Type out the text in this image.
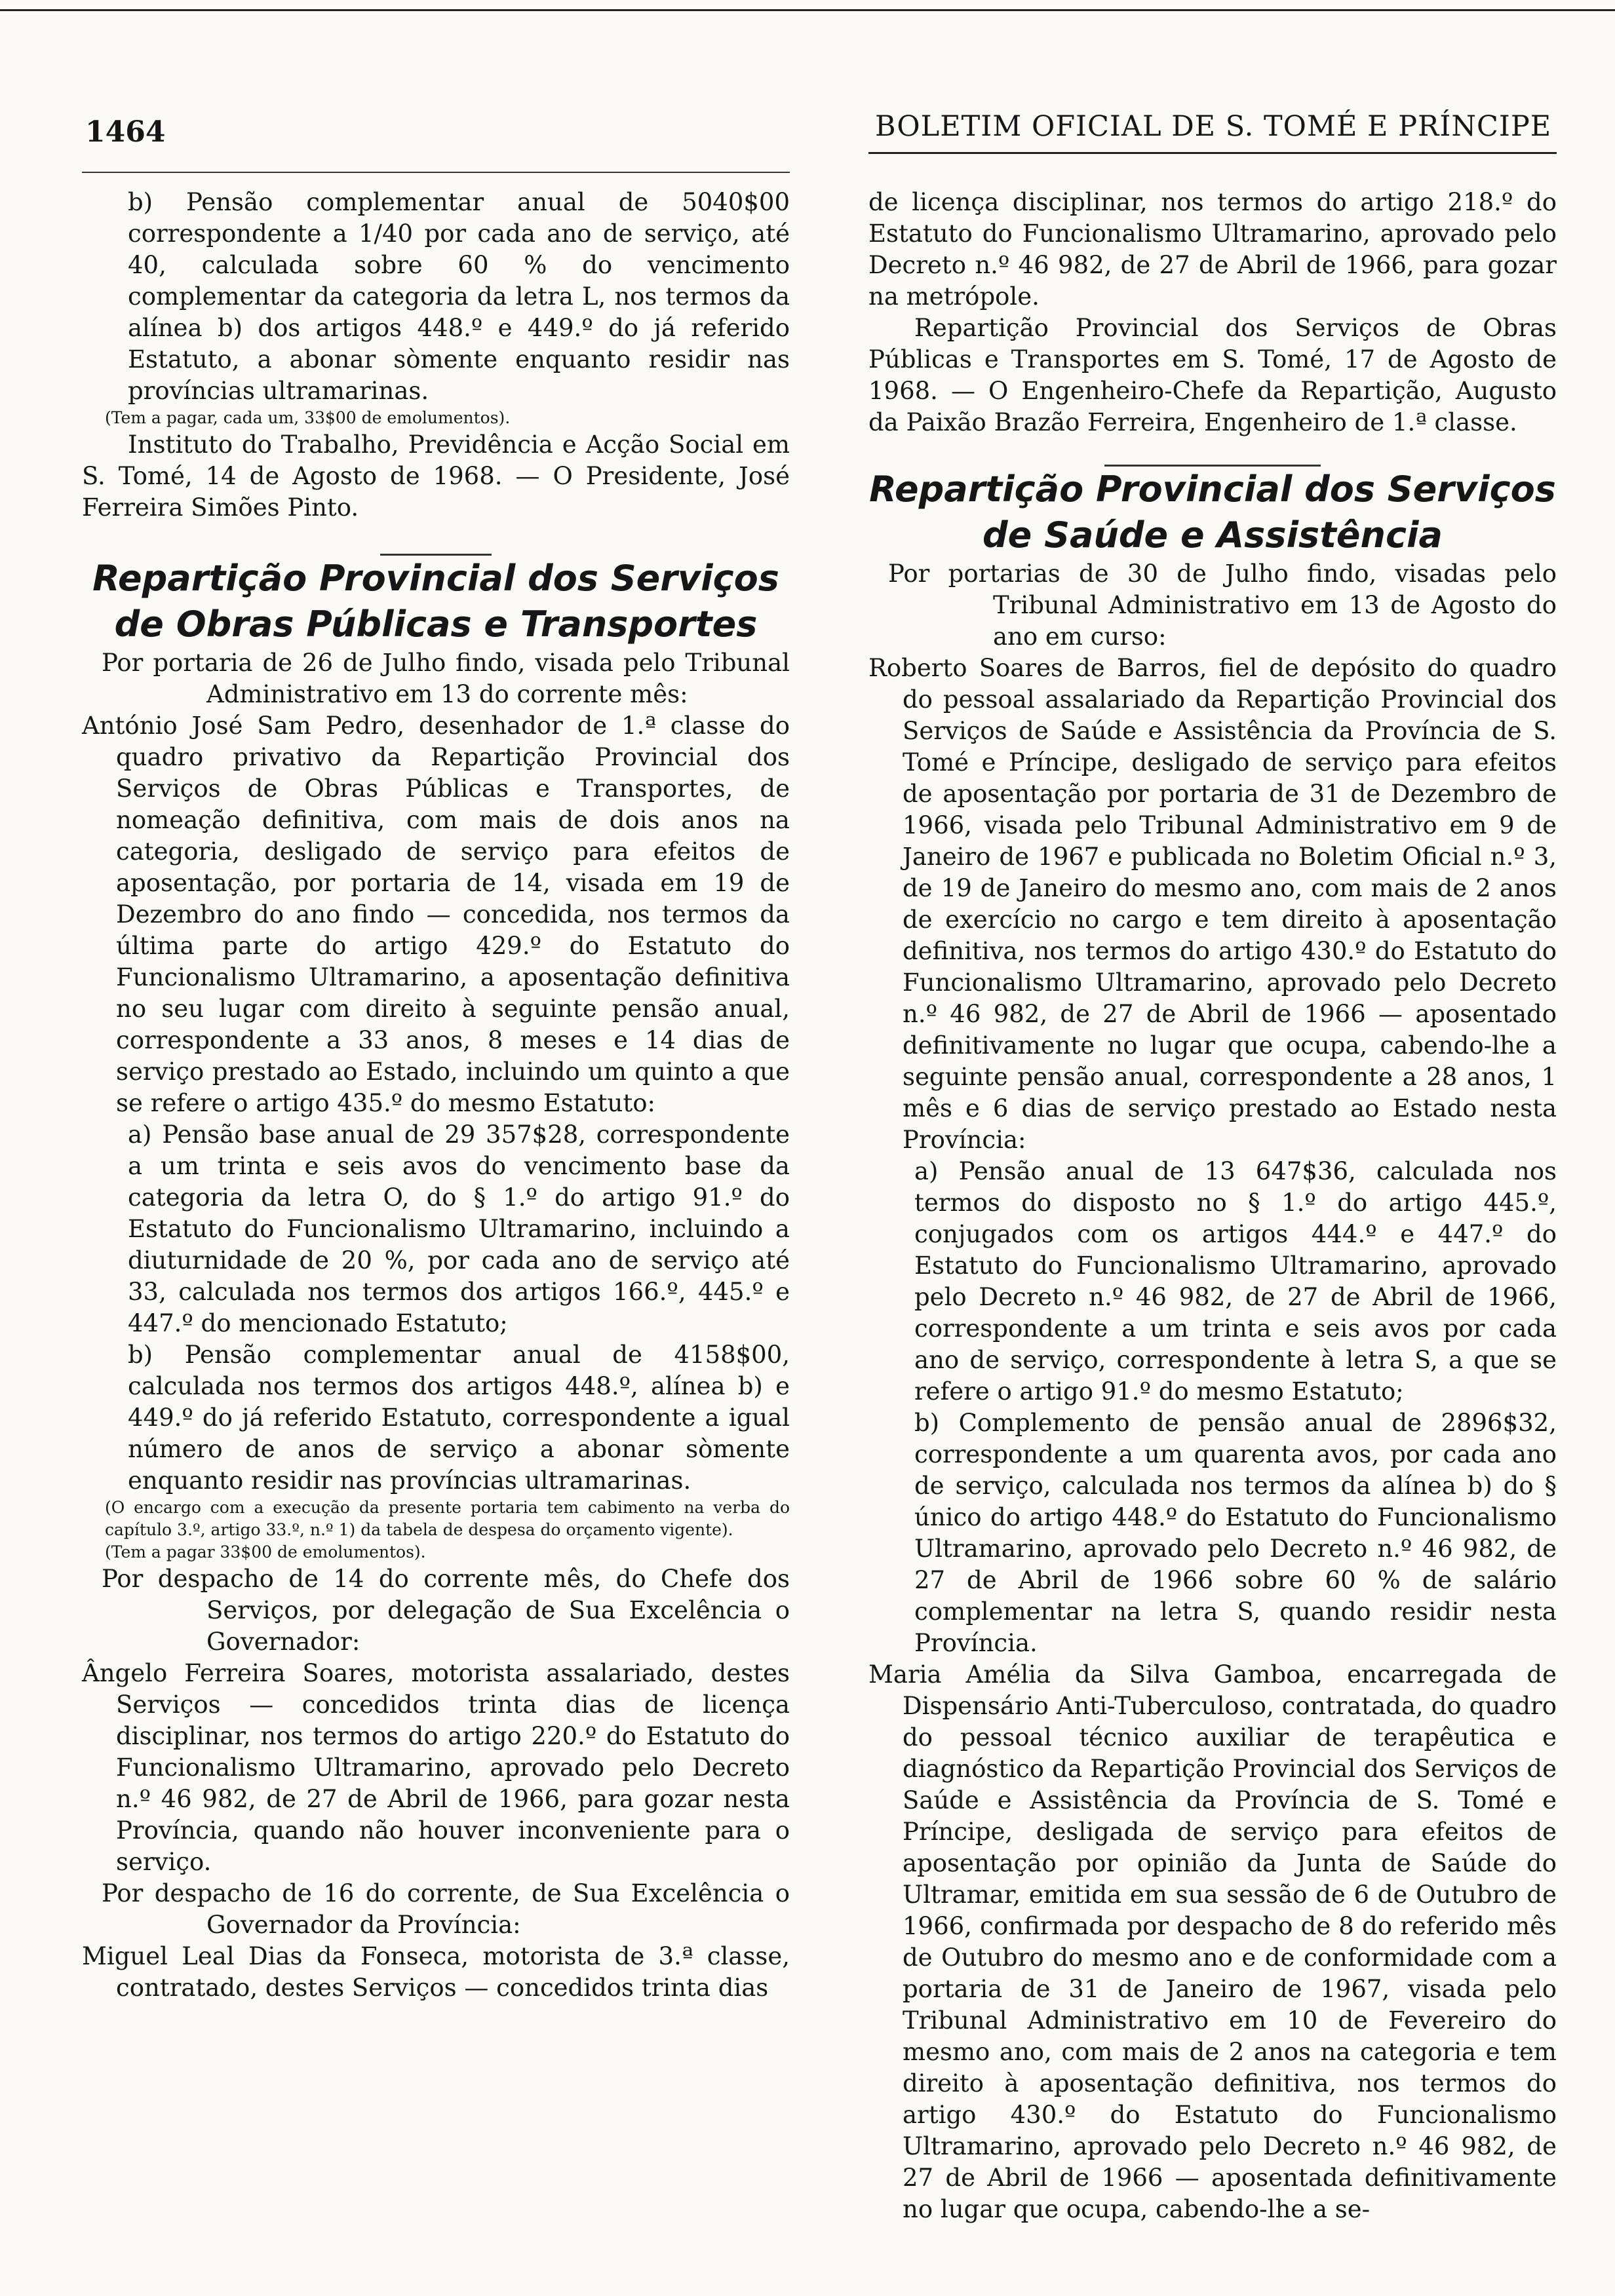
1464	BOLETIM OFICIAL DE S. TOMÉ E PRÍNCIPE

b) Pensão complementar anual de 5040$00 correspondente a 1/40 por cada ano de serviço, até 40, calculada sobre 60 % do vencimento complementar da categoria da letra L, nos termos da alínea b) dos artigos 448.º e 449.º do já referido Estatuto, a abonar sòmente enquanto residir nas províncias ultramarinas.

(Tem a pagar, cada um, 33$00 de emolumentos).

Instituto do Trabalho, Previdência e Acção Social em S. Tomé, 14 de Agosto de 1968. — O Presidente, José Ferreira Simões Pinto.

Repartição Provincial dos Serviços de Obras Públicas e Transportes

Por portaria de 26 de Julho findo, visada pelo Tribunal Administrativo em 13 do corrente mês:

António José Sam Pedro, desenhador de 1.ª classe do quadro privativo da Repartição Provincial dos Serviços de Obras Públicas e Transportes, de nomeação definitiva, com mais de dois anos na categoria, desligado de serviço para efeitos de aposentação, por portaria de 14, visada em 19 de Dezembro do ano findo — concedida, nos termos da última parte do artigo 429.º do Estatuto do Funcionalismo Ultramarino, a aposentação definitiva no seu lugar com direito à seguinte pensão anual, correspondente a 33 anos, 8 meses e 14 dias de serviço prestado ao Estado, incluindo um quinto a que se refere o artigo 435.º do mesmo Estatuto:

a) Pensão base anual de 29 357$28, correspondente a um trinta e seis avos do vencimento base da categoria da letra O, do § 1.º do artigo 91.º do Estatuto do Funcionalismo Ultramarino, incluindo a diuturnidade de 20 %, por cada ano de serviço até 33, calculada nos termos dos artigos 166.º, 445.º e 447.º do mencionado Estatuto;

b) Pensão complementar anual de 4158$00, calculada nos termos dos artigos 448.º, alínea b) e 449.º do já referido Estatuto, correspondente a igual número de anos de serviço a abonar sòmente enquanto residir nas províncias ultramarinas.

(O encargo com a execução da presente portaria tem cabimento na verba do capítulo 3.º, artigo 33.º, n.º 1) da tabela de despesa do orçamento vigente).

(Tem a pagar 33$00 de emolumentos).

Por despacho de 14 do corrente mês, do Chefe dos Serviços, por delegação de Sua Excelência o Governador:

Ângelo Ferreira Soares, motorista assalariado, destes Serviços — concedidos trinta dias de licença disciplinar, nos termos do artigo 220.º do Estatuto do Funcionalismo Ultramarino, aprovado pelo Decreto n.º 46 982, de 27 de Abril de 1966, para gozar nesta Província, quando não houver inconveniente para o serviço.

Por despacho de 16 do corrente, de Sua Excelência o Governador da Província:

Miguel Leal Dias da Fonseca, motorista de 3.ª classe, contratado, destes Serviços — concedidos trinta dias

de licença disciplinar, nos termos do artigo 218.º do Estatuto do Funcionalismo Ultramarino, aprovado pelo Decreto n.º 46 982, de 27 de Abril de 1966, para gozar na metrópole.

Repartição Provincial dos Serviços de Obras Públicas e Transportes em S. Tomé, 17 de Agosto de 1968. — O Engenheiro-Chefe da Repartição, Augusto da Paixão Brazão Ferreira, Engenheiro de 1.ª classe.

Repartição Provincial dos Serviços de Saúde e Assistência

Por portarias de 30 de Julho findo, visadas pelo Tribunal Administrativo em 13 de Agosto do ano em curso:

Roberto Soares de Barros, fiel de depósito do quadro do pessoal assalariado da Repartição Provincial dos Serviços de Saúde e Assistência da Província de S. Tomé e Príncipe, desligado de serviço para efeitos de aposentação por portaria de 31 de Dezembro de 1966, visada pelo Tribunal Administrativo em 9 de Janeiro de 1967 e publicada no Boletim Oficial n.º 3, de 19 de Janeiro do mesmo ano, com mais de 2 anos de exercício no cargo e tem direito à aposentação definitiva, nos termos do artigo 430.º do Estatuto do Funcionalismo Ultramarino, aprovado pelo Decreto n.º 46 982, de 27 de Abril de 1966 — aposentado definitivamente no lugar que ocupa, cabendo-lhe a seguinte pensão anual, correspondente a 28 anos, 1 mês e 6 dias de serviço prestado ao Estado nesta Província:

a) Pensão anual de 13 647$36, calculada nos termos do disposto no § 1.º do artigo 445.º, conjugados com os artigos 444.º e 447.º do Estatuto do Funcionalismo Ultramarino, aprovado pelo Decreto n.º 46 982, de 27 de Abril de 1966, correspondente a um trinta e seis avos por cada ano de serviço, correspondente à letra S, a que se refere o artigo 91.º do mesmo Estatuto;

b) Complemento de pensão anual de 2896$32, correspondente a um quarenta avos, por cada ano de serviço, calculada nos termos da alínea b) do § único do artigo 448.º do Estatuto do Funcionalismo Ultramarino, aprovado pelo Decreto n.º 46 982, de 27 de Abril de 1966 sobre 60 % de salário complementar na letra S, quando residir nesta Província.

Maria Amélia da Silva Gamboa, encarregada de Dispensário Anti-Tuberculoso, contratada, do quadro do pessoal técnico auxiliar de terapêutica e diagnóstico da Repartição Provincial dos Serviços de Saúde e Assistência da Província de S. Tomé e Príncipe, desligada de serviço para efeitos de aposentação por opinião da Junta de Saúde do Ultramar, emitida em sua sessão de 6 de Outubro de 1966, confirmada por despacho de 8 do referido mês de Outubro do mesmo ano e de conformidade com a portaria de 31 de Janeiro de 1967, visada pelo Tribunal Administrativo em 10 de Fevereiro do mesmo ano, com mais de 2 anos na categoria e tem direito à aposentação definitiva, nos termos do artigo 430.º do Estatuto do Funcionalismo Ultramarino, aprovado pelo Decreto n.º 46 982, de 27 de Abril de 1966 — aposentada definitivamente no lugar que ocupa, cabendo-lhe a se-
